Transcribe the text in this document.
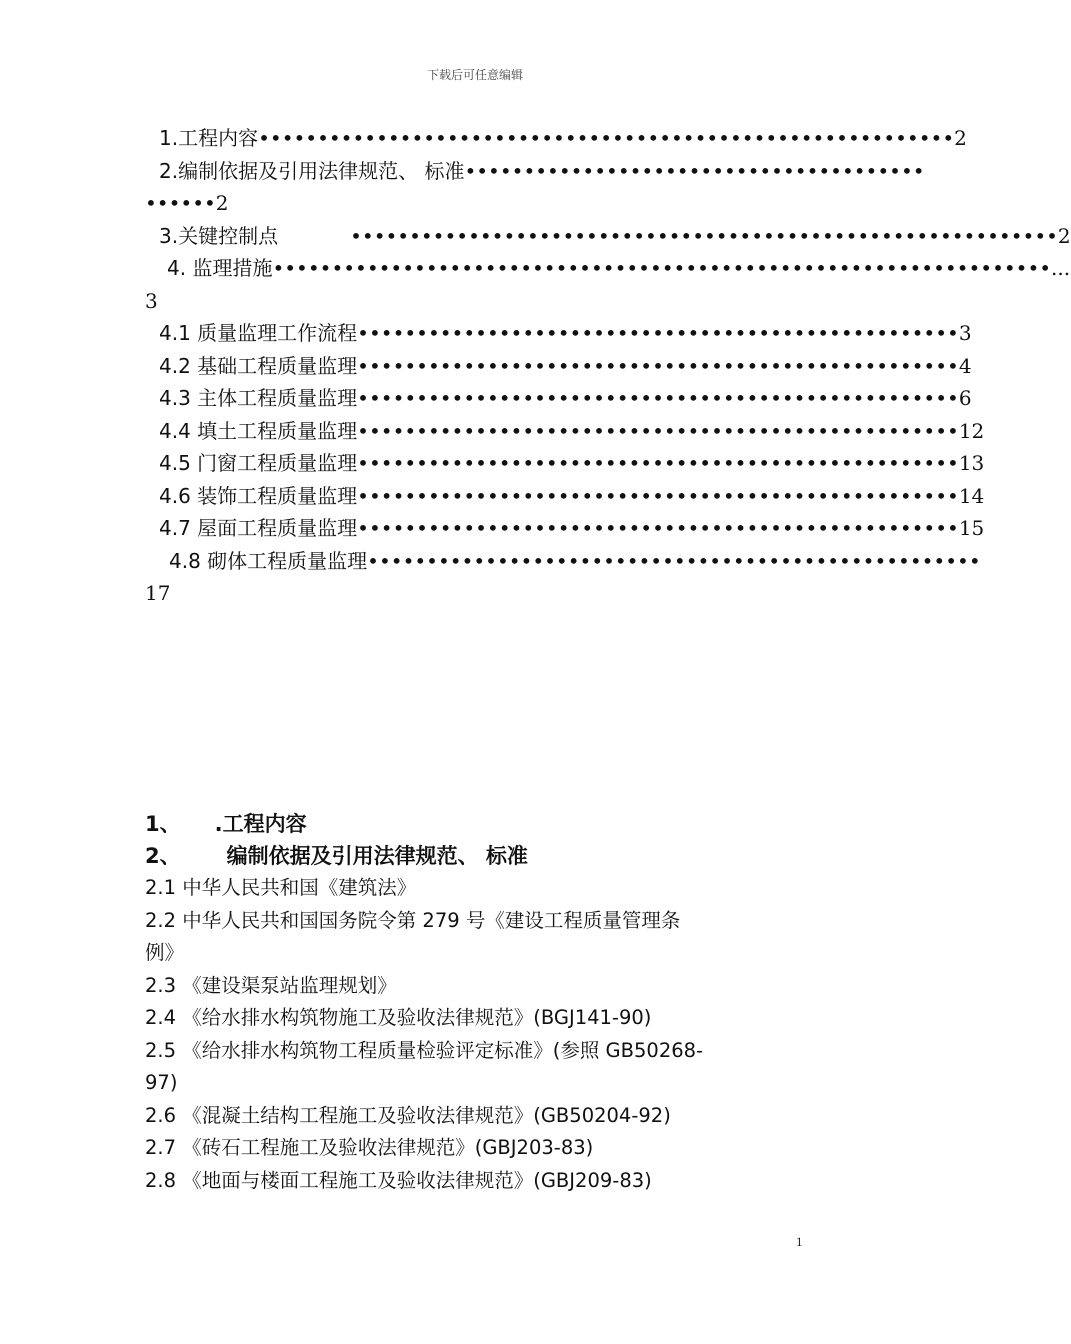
下载后可任意编辑
1.工程内容•••••••••••••••••••••••••••••••••••••••••••••••••••••••••••2
2.编制依据及引用法律规范、 标准•••••••••••••••••••••••••••••••••••••••
••••••2
3.关键控制点	••••••••••••••••••••••••••••••••••••••••••••••••••••••••••••2
4. 监理措施••••••••••••••••••••••••••••••••••••••••••••••••••••••••••••••••••...
3
4.1 质量监理工作流程•••••••••••••••••••••••••••••••••••••••••••••••••••3
4.2 基础工程质量监理•••••••••••••••••••••••••••••••••••••••••••••••••••4
4.3 主体工程质量监理•••••••••••••••••••••••••••••••••••••••••••••••••••6
4.4 填土工程质量监理•••••••••••••••••••••••••••••••••••••••••••••••••••12
4.5 门窗工程质量监理•••••••••••••••••••••••••••••••••••••••••••••••••••13
4.6 装饰工程质量监理•••••••••••••••••••••••••••••••••••••••••••••••••••14
4.7 屋面工程质量监理•••••••••••••••••••••••••••••••••••••••••••••••••••15
4.8 砌体工程质量监理••••••••••••••••••••••••••••••••••••••••••••••••••••
17
1、 .工程内容
2、 编制依据及引用法律规范、 标准
2.1 中华人民共和国《建筑法》
2.2 中华人民共和国国务院令第 279 号《建设工程质量管理条
例》
2.3 《建设渠泵站监理规划》
2.4 《给水排水构筑物施工及验收法律规范》(BGJ141-90)
2.5 《给水排水构筑物工程质量检验评定标准》(参照 GB50268-
97)
2.6 《混凝土结构工程施工及验收法律规范》(GB50204-92)
2.7 《砖石工程施工及验收法律规范》(GBJ203-83)
2.8 《地面与楼面工程施工及验收法律规范》(GBJ209-83)
1
